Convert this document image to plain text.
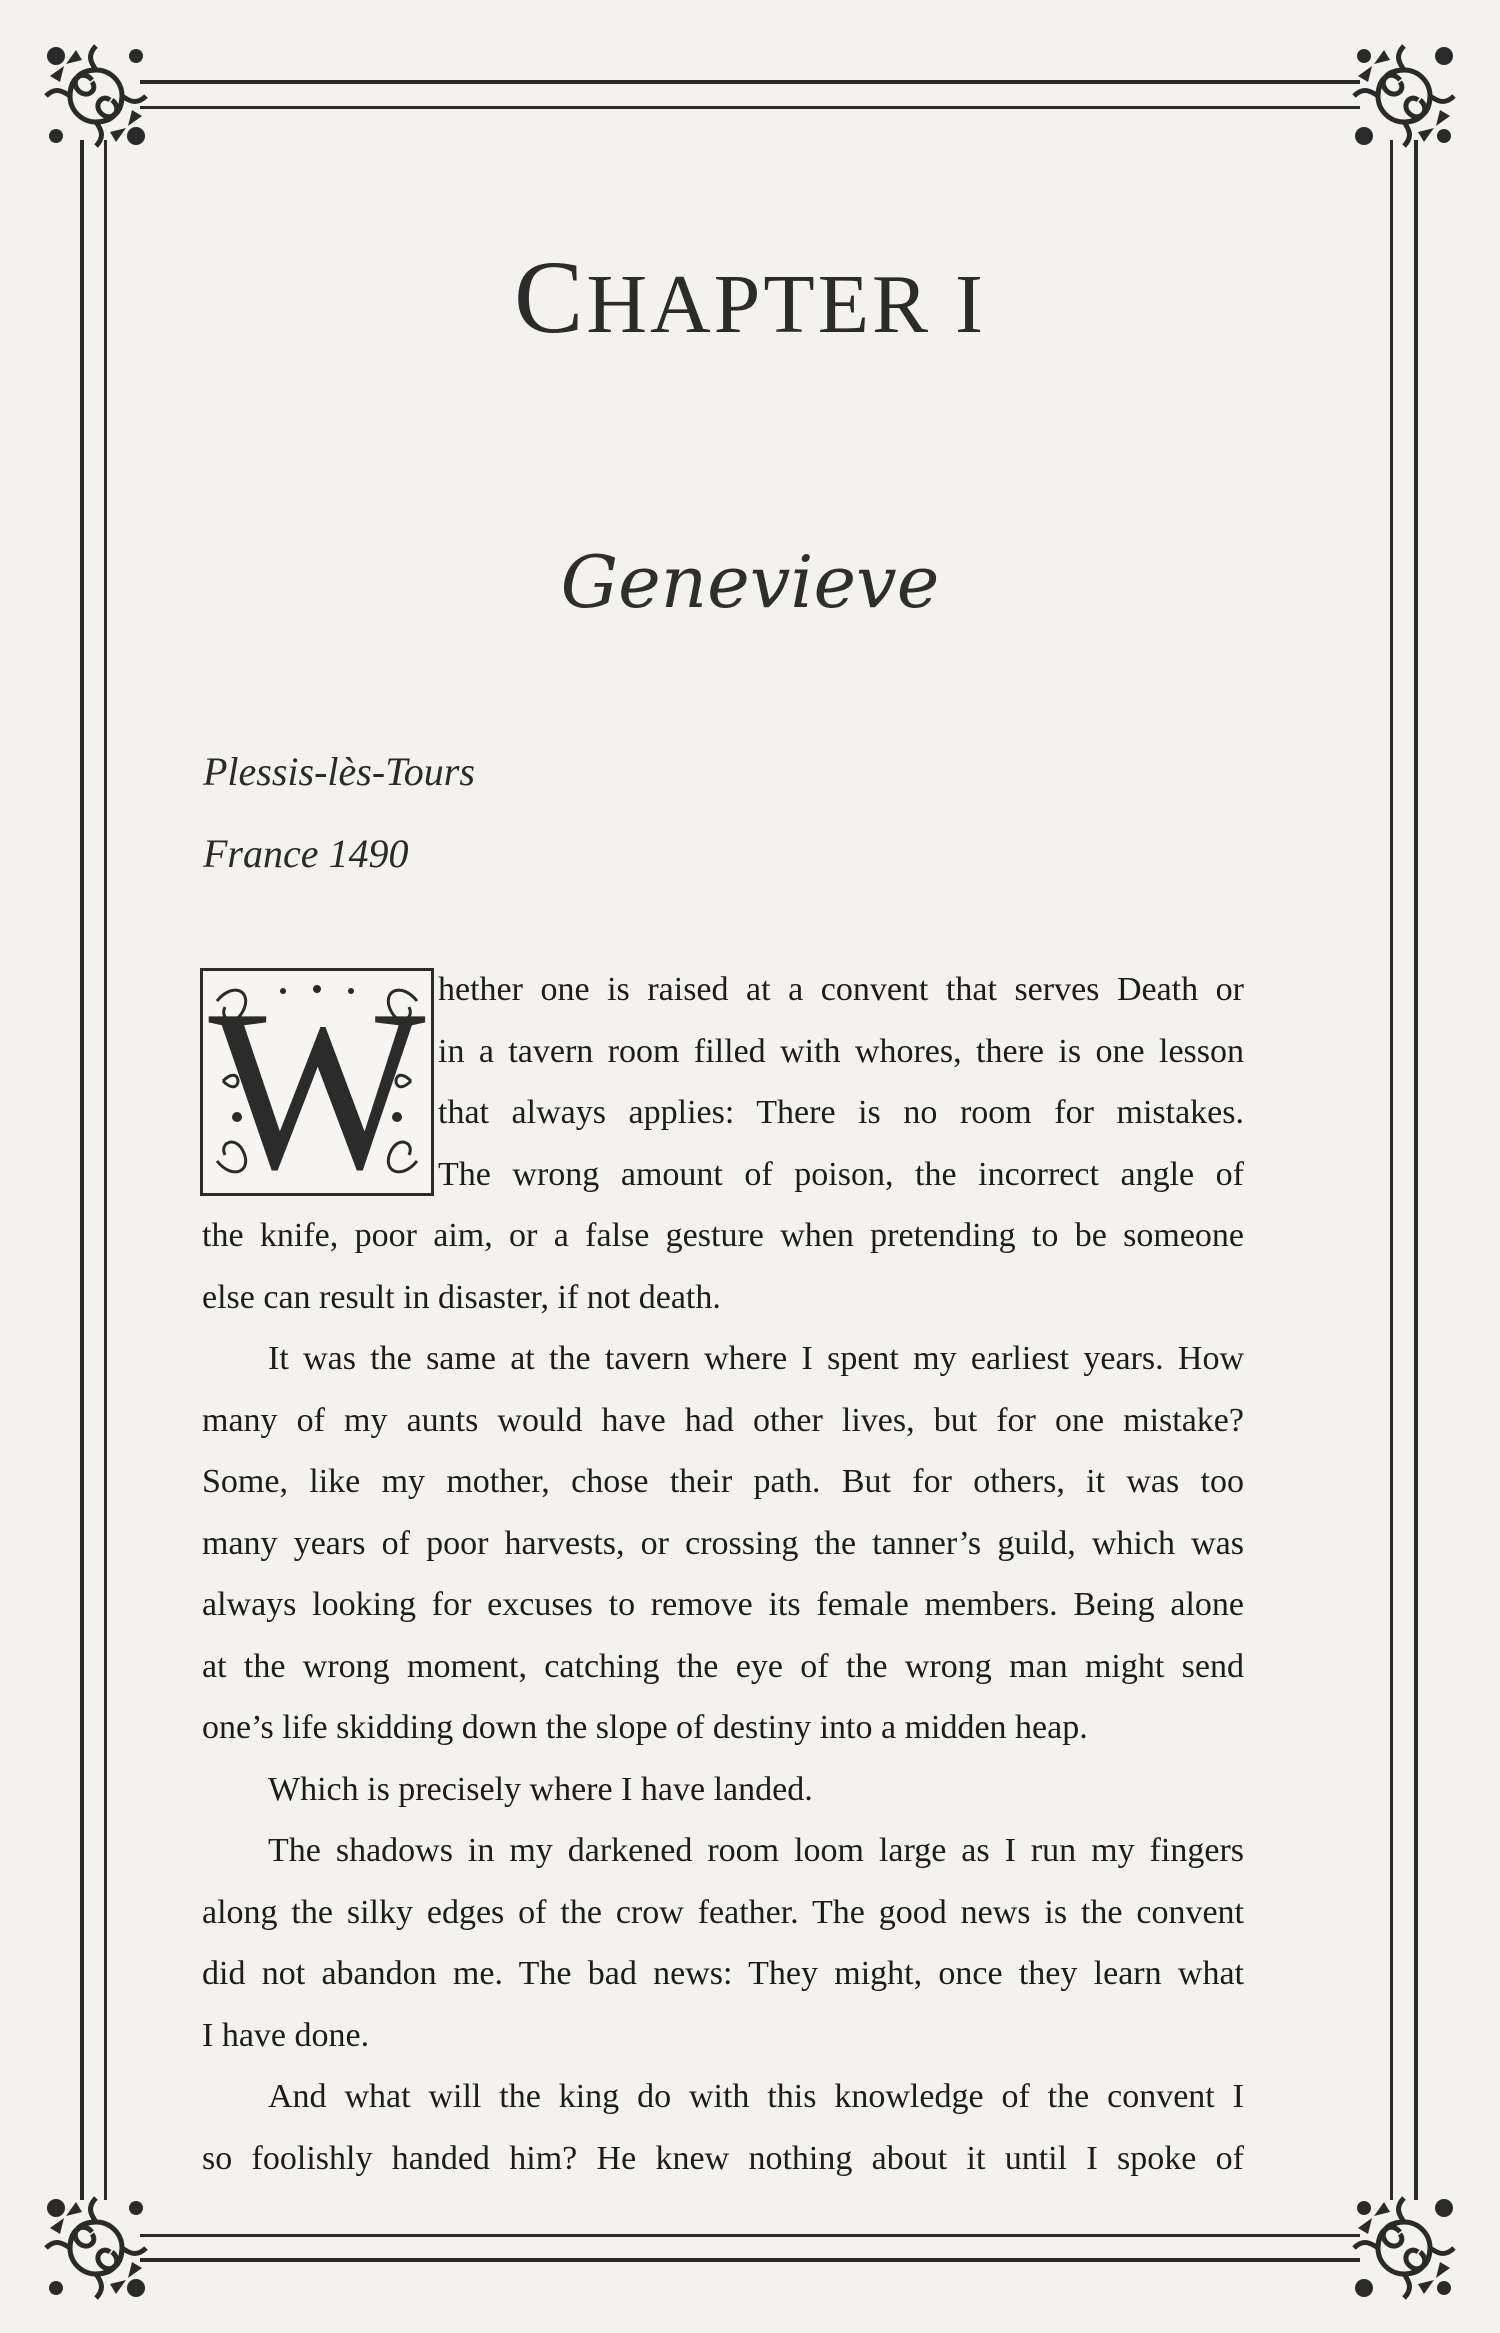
CHAPTER I
Genevieve
Plessis-lès-Tours
France 1490
W hether one is raised at a convent that serves Death or
in a tavern room filled with whores, there is one lesson
that always applies: There is no room for mistakes.
The wrong amount of poison, the incorrect angle of
the knife, poor aim, or a false gesture when pretending to be someone
else can result in disaster, if not death.
It was the same at the tavern where I spent my earliest years. How
many of my aunts would have had other lives, but for one mistake?
Some, like my mother, chose their path. But for others, it was too
many years of poor harvests, or crossing the tanner’s guild, which was
always looking for excuses to remove its female members. Being alone
at the wrong moment, catching the eye of the wrong man might send
one’s life skidding down the slope of destiny into a midden heap.
Which is precisely where I have landed.
The shadows in my darkened room loom large as I run my fingers
along the silky edges of the crow feather. The good news is the convent
did not abandon me. The bad news: They might, once they learn what
I have done.
And what will the king do with this knowledge of the convent I
so foolishly handed him? He knew nothing about it until I spoke of
